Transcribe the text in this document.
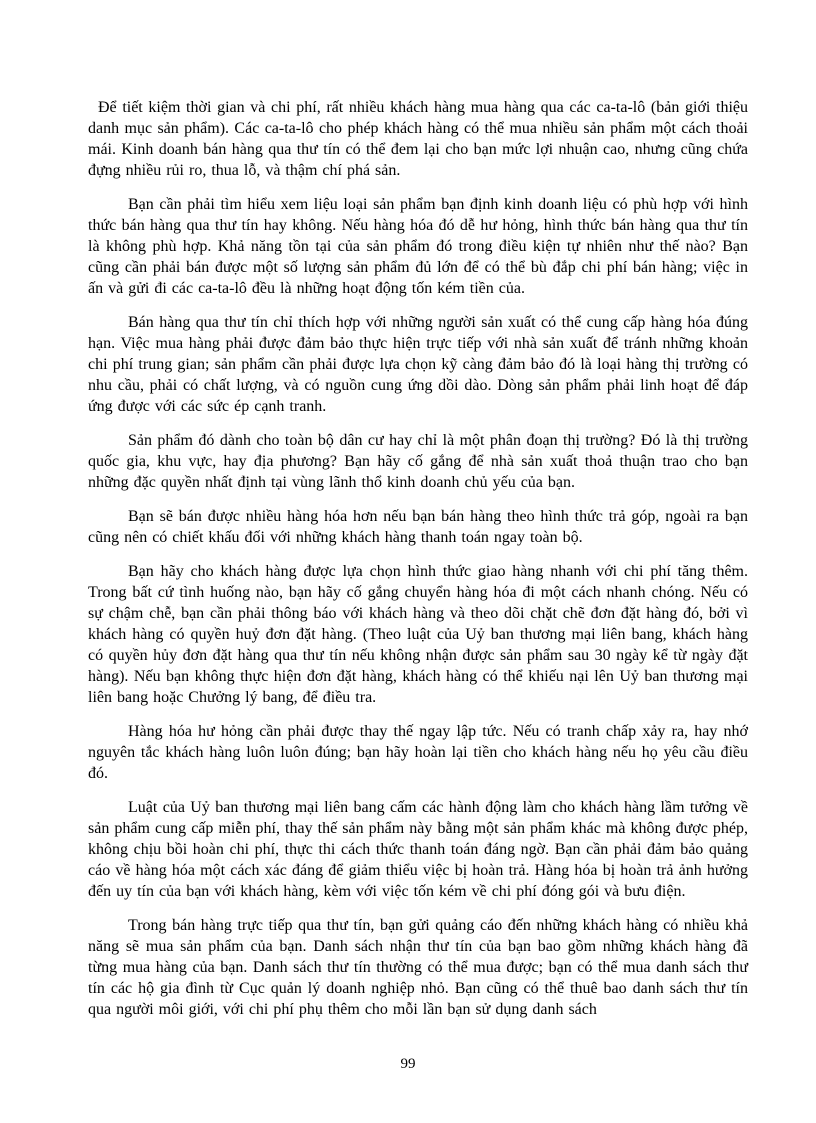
Để tiết kiệm thời gian và chi phí, rất nhiều khách hàng mua hàng qua các ca-ta-lô (bản giới thiệu danh mục sản phẩm). Các ca-ta-lô cho phép khách hàng có thể mua nhiều sản phẩm một cách thoải mái. Kinh doanh bán hàng qua thư tín có thể đem lại cho bạn mức lợi nhuận cao, nhưng cũng chứa đựng nhiều rủi ro, thua lỗ, và thậm chí phá sản.

Bạn cần phải tìm hiểu xem liệu loại sản phẩm bạn định kinh doanh liệu có phù hợp với hình thức bán hàng qua thư tín hay không. Nếu hàng hóa đó dễ hư hỏng, hình thức bán hàng qua thư tín là không phù hợp. Khả năng tồn tại của sản phẩm đó trong điều kiện tự nhiên như thế nào? Bạn cũng cần phải bán được một số lượng sản phẩm đủ lớn để có thể bù đắp chi phí bán hàng; việc in ấn và gửi đi các ca-ta-lô đều là những hoạt động tốn kém tiền của.

Bán hàng qua thư tín chỉ thích hợp với những người sản xuất có thể cung cấp hàng hóa đúng hạn. Việc mua hàng phải được đảm bảo thực hiện trực tiếp với nhà sản xuất để tránh những khoản chi phí trung gian; sản phẩm cần phải được lựa chọn kỹ càng đảm bảo đó là loại hàng thị trường có nhu cầu, phải có chất lượng, và có nguồn cung ứng dồi dào. Dòng sản phẩm phải linh hoạt để đáp ứng được với các sức ép cạnh tranh.

Sản phẩm đó dành cho toàn bộ dân cư hay chỉ là một phân đoạn thị trường? Đó là thị trường quốc gia, khu vực, hay địa phương? Bạn hãy cố gắng để nhà sản xuất thoả thuận trao cho bạn những đặc quyền nhất định tại vùng lãnh thổ kinh doanh chủ yếu của bạn.

Bạn sẽ bán được nhiều hàng hóa hơn nếu bạn bán hàng theo hình thức trả góp, ngoài ra bạn cũng nên có chiết khấu đối với những khách hàng thanh toán ngay toàn bộ.

Bạn hãy cho khách hàng được lựa chọn hình thức giao hàng nhanh với chi phí tăng thêm. Trong bất cứ tình huống nào, bạn hãy cố gắng chuyển hàng hóa đi một cách nhanh chóng. Nếu có sự chậm chễ, bạn cần phải thông báo với khách hàng và theo dõi chặt chẽ đơn đặt hàng đó, bởi vì khách hàng có quyền huỷ đơn đặt hàng. (Theo luật của Uỷ ban thương mại liên bang, khách hàng có quyền hủy đơn đặt hàng qua thư tín nếu không nhận được sản phẩm sau 30 ngày kể từ ngày đặt hàng). Nếu bạn không thực hiện đơn đặt hàng, khách hàng có thể khiếu nại lên Uỷ ban thương mại liên bang hoặc Chưởng lý bang, để điều tra.

Hàng hóa hư hỏng cần phải được thay thế ngay lập tức. Nếu có tranh chấp xảy ra, hay nhớ nguyên tắc khách hàng luôn luôn đúng; bạn hãy hoàn lại tiền cho khách hàng nếu họ yêu cầu điều đó.

Luật của Uỷ ban thương mại liên bang cấm các hành động làm cho khách hàng lầm tưởng về sản phẩm cung cấp miễn phí, thay thế sản phẩm này bằng một sản phẩm khác mà không được phép, không chịu bồi hoàn chi phí, thực thi cách thức thanh toán đáng ngờ. Bạn cần phải đảm bảo quảng cáo về hàng hóa một cách xác đáng để giảm thiểu việc bị hoàn trả. Hàng hóa bị hoàn trả ảnh hưởng đến uy tín của bạn với khách hàng, kèm với việc tốn kém về chi phí đóng gói và bưu điện.

Trong bán hàng trực tiếp qua thư tín, bạn gửi quảng cáo đến những khách hàng có nhiều khả năng sẽ mua sản phẩm của bạn. Danh sách nhận thư tín của bạn bao gồm những khách hàng đã từng mua hàng của bạn. Danh sách thư tín thường có thể mua được; bạn có thể mua danh sách thư tín các hộ gia đình từ Cục quản lý doanh nghiệp nhỏ. Bạn cũng có thể thuê bao danh sách thư tín qua người môi giới, với chi phí phụ thêm cho mỗi lần bạn sử dụng danh sách

99
